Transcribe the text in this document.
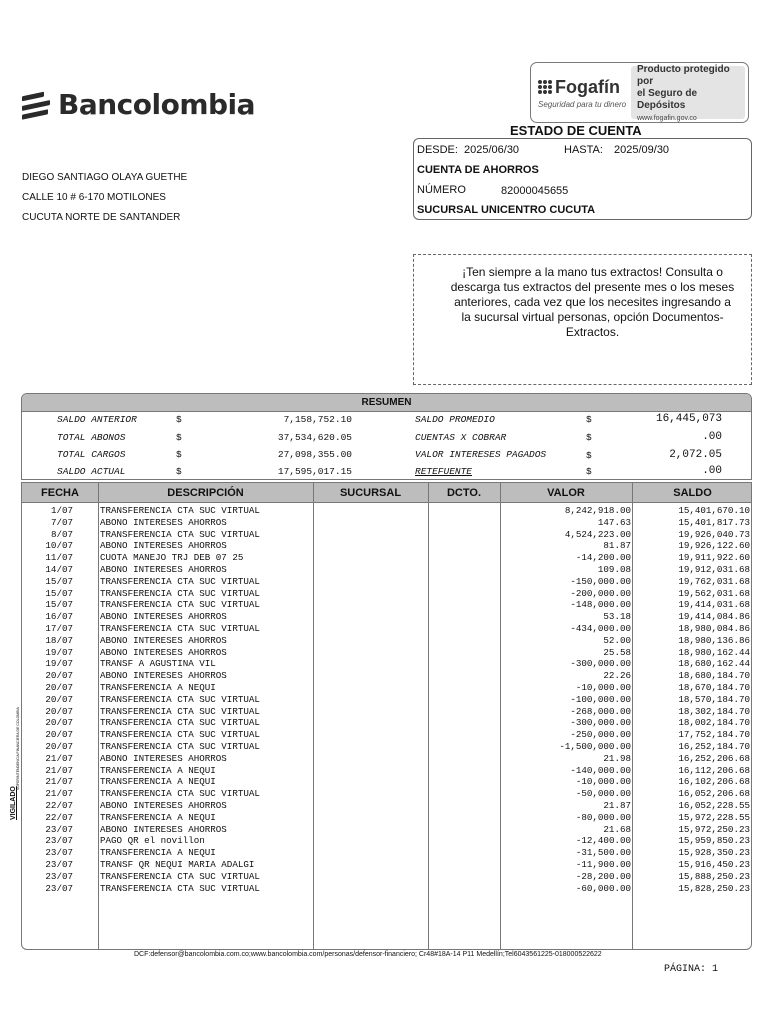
Bancolombia
Fogafín
Seguridad para tu dinero
Producto protegido por
el Seguro de Depósitos
www.fogafin.gov.co
ESTADO DE CUENTA
DESDE: 2025/06/30	HASTA: 2025/09/30
CUENTA DE AHORROS
NÚMERO	82000045655
SUCURSAL UNICENTRO CUCUTA
DIEGO SANTIAGO OLAYA GUETHE
CALLE 10 # 6-170 MOTILONES
CUCUTA NORTE DE SANTANDER
¡Ten siempre a la mano tus extractos! Consulta o descarga tus extractos del presente mes o los meses anteriores, cada vez que los necesites ingresando a la sucursal virtual personas, opción Documentos-Extractos.
RESUMEN
SALDO ANTERIOR	$	7,158,752.10
TOTAL ABONOS	$	37,534,620.05
TOTAL CARGOS	$	27,098,355.00
SALDO ACTUAL	$	17,595,017.15
SALDO PROMEDIO	$	16,445,073
CUENTAS X COBRAR	$	.00
VALOR INTERESES PAGADOS	$	2,072.05
RETEFUENTE	$	.00
FECHA	DESCRIPCIÓN	SUCURSAL	DCTO.	VALOR	SALDO
1/07	TRANSFERENCIA CTA SUC VIRTUAL	8,242,918.00	15,401,670.10
7/07	ABONO INTERESES AHORROS	147.63	15,401,817.73
8/07	TRANSFERENCIA CTA SUC VIRTUAL	4,524,223.00	19,926,040.73
10/07	ABONO INTERESES AHORROS	81.87	19,926,122.60
11/07	CUOTA MANEJO TRJ DEB 07 25	-14,200.00	19,911,922.60
14/07	ABONO INTERESES AHORROS	109.08	19,912,031.68
15/07	TRANSFERENCIA CTA SUC VIRTUAL	-150,000.00	19,762,031.68
15/07	TRANSFERENCIA CTA SUC VIRTUAL	-200,000.00	19,562,031.68
15/07	TRANSFERENCIA CTA SUC VIRTUAL	-148,000.00	19,414,031.68
16/07	ABONO INTERESES AHORROS	53.18	19,414,084.86
17/07	TRANSFERENCIA CTA SUC VIRTUAL	-434,000.00	18,980,084.86
18/07	ABONO INTERESES AHORROS	52.00	18,980,136.86
19/07	ABONO INTERESES AHORROS	25.58	18,980,162.44
19/07	TRANSF A AGUSTINA VIL	-300,000.00	18,680,162.44
20/07	ABONO INTERESES AHORROS	22.26	18,680,184.70
20/07	TRANSFERENCIA A NEQUI	-10,000.00	18,670,184.70
20/07	TRANSFERENCIA CTA SUC VIRTUAL	-100,000.00	18,570,184.70
20/07	TRANSFERENCIA CTA SUC VIRTUAL	-268,000.00	18,302,184.70
20/07	TRANSFERENCIA CTA SUC VIRTUAL	-300,000.00	18,002,184.70
20/07	TRANSFERENCIA CTA SUC VIRTUAL	-250,000.00	17,752,184.70
20/07	TRANSFERENCIA CTA SUC VIRTUAL	-1,500,000.00	16,252,184.70
21/07	ABONO INTERESES AHORROS	21.98	16,252,206.68
21/07	TRANSFERENCIA A NEQUI	-140,000.00	16,112,206.68
21/07	TRANSFERENCIA A NEQUI	-10,000.00	16,102,206.68
21/07	TRANSFERENCIA CTA SUC VIRTUAL	-50,000.00	16,052,206.68
22/07	ABONO INTERESES AHORROS	21.87	16,052,228.55
22/07	TRANSFERENCIA A NEQUI	-80,000.00	15,972,228.55
23/07	ABONO INTERESES AHORROS	21.68	15,972,250.23
23/07	PAGO QR el novillon	-12,400.00	15,959,850.23
23/07	TRANSFERENCIA A NEQUI	-31,500.00	15,928,350.23
23/07	TRANSF QR NEQUI MARIA ADALGI	-11,900.00	15,916,450.23
23/07	TRANSFERENCIA CTA SUC VIRTUAL	-28,200.00	15,888,250.23
23/07	TRANSFERENCIA CTA SUC VIRTUAL	-60,000.00	15,828,250.23
DCF:defensor@bancolombia.com.co;www.bancolombia.com/personas/defensor-financiero; Cr48#18A-14 P11 Medellín;Tel6043561225-018000522622
PÁGINA: 1
VIGILADO
SUPERINTENDENCIA FINANCIERA DE COLOMBIA
